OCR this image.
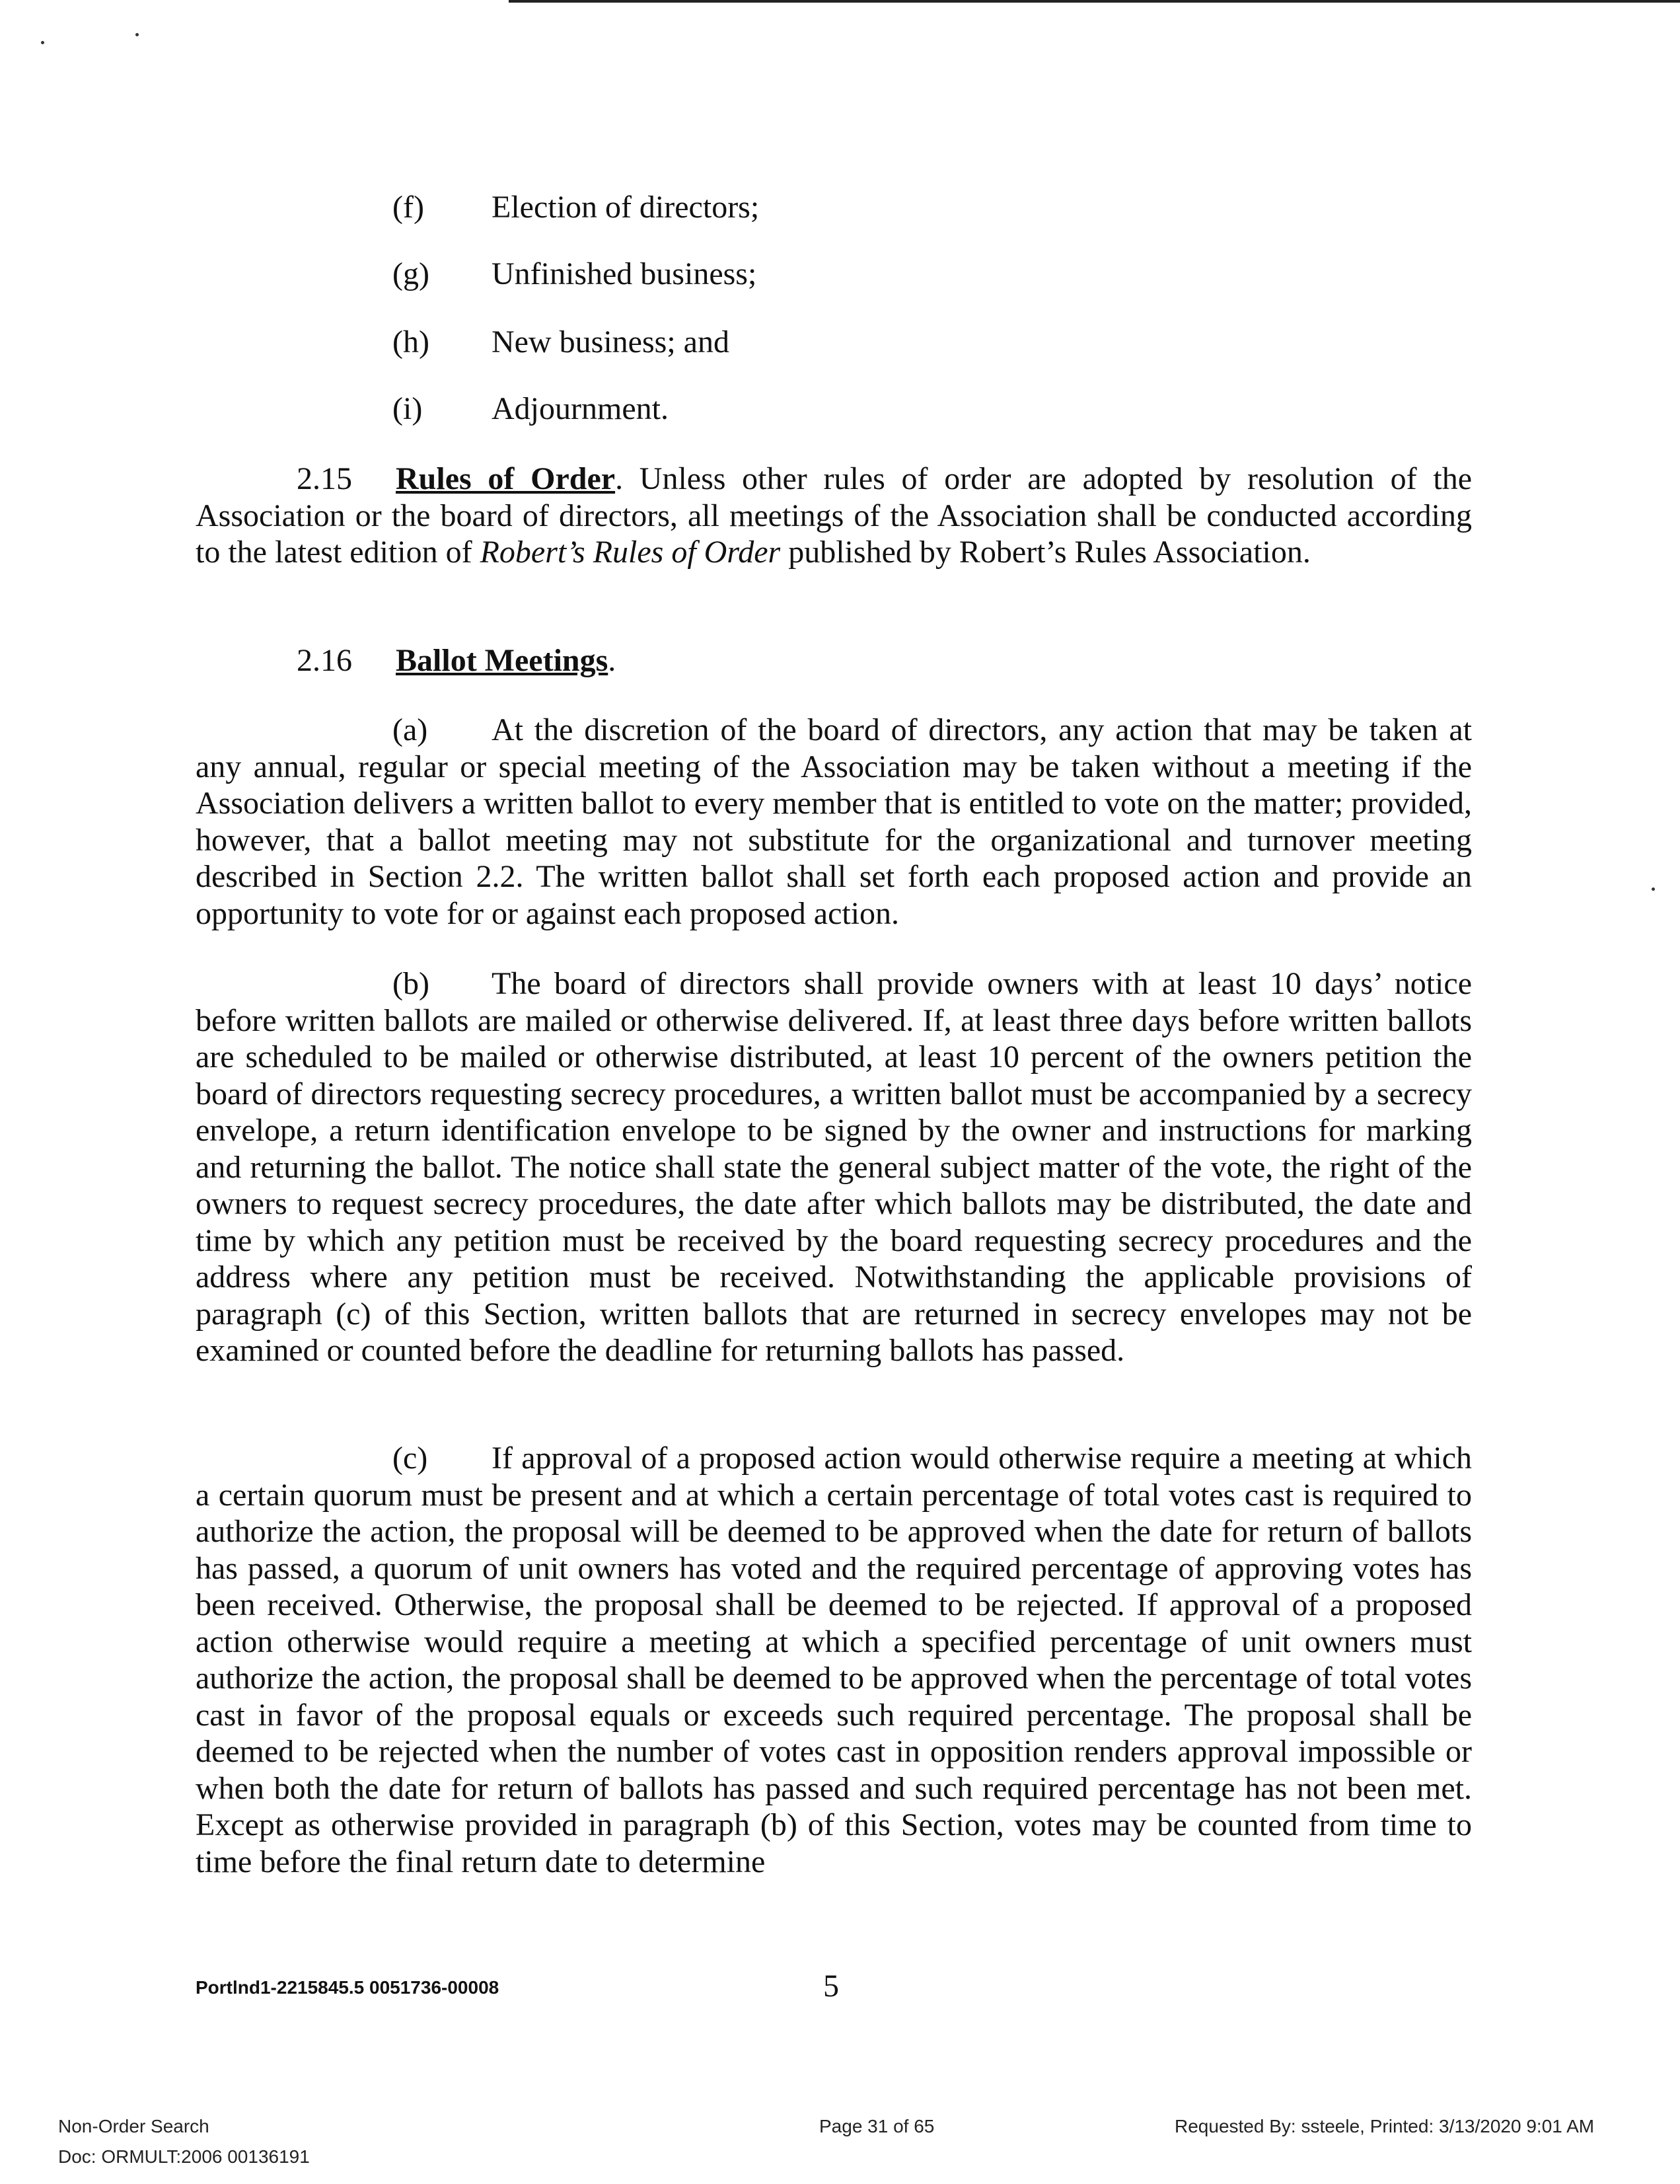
(f) Election of directors;
(g) Unfinished business;
(h) New business; and
(i) Adjournment.
2.15 Rules of Order. Unless other rules of order are adopted by resolution of the Association or the board of directors, all meetings of the Association shall be conducted according to the latest edition of Robert’s Rules of Order published by Robert’s Rules Association.
2.16 Ballot Meetings.
(a) At the discretion of the board of directors, any action that may be taken at any annual, regular or special meeting of the Association may be taken without a meeting if the Association delivers a written ballot to every member that is entitled to vote on the matter; provided, however, that a ballot meeting may not substitute for the organizational and turnover meeting described in Section 2.2. The written ballot shall set forth each proposed action and provide an opportunity to vote for or against each proposed action.
(b) The board of directors shall provide owners with at least 10 days’ notice before written ballots are mailed or otherwise delivered. If, at least three days before written ballots are scheduled to be mailed or otherwise distributed, at least 10 percent of the owners petition the board of directors requesting secrecy procedures, a written ballot must be accompanied by a secrecy envelope, a return identification envelope to be signed by the owner and instructions for marking and returning the ballot. The notice shall state the general subject matter of the vote, the right of the owners to request secrecy procedures, the date after which ballots may be distributed, the date and time by which any petition must be received by the board requesting secrecy procedures and the address where any petition must be received. Notwithstanding the applicable provisions of paragraph (c) of this Section, written ballots that are returned in secrecy envelopes may not be examined or counted before the deadline for returning ballots has passed.
(c) If approval of a proposed action would otherwise require a meeting at which a certain quorum must be present and at which a certain percentage of total votes cast is required to authorize the action, the proposal will be deemed to be approved when the date for return of ballots has passed, a quorum of unit owners has voted and the required percentage of approving votes has been received. Otherwise, the proposal shall be deemed to be rejected. If approval of a proposed action otherwise would require a meeting at which a specified percentage of unit owners must authorize the action, the proposal shall be deemed to be approved when the percentage of total votes cast in favor of the proposal equals or exceeds such required percentage. The proposal shall be deemed to be rejected when the number of votes cast in opposition renders approval impossible or when both the date for return of ballots has passed and such required percentage has not been met. Except as otherwise provided in paragraph (b) of this Section, votes may be counted from time to time before the final return date to determine
Portlnd1-2215845.5 0051736-00008	5
Non-Order Search
Doc: ORMULT:2006 00136191
Page 31 of 65	Requested By: ssteele, Printed: 3/13/2020 9:01 AM
